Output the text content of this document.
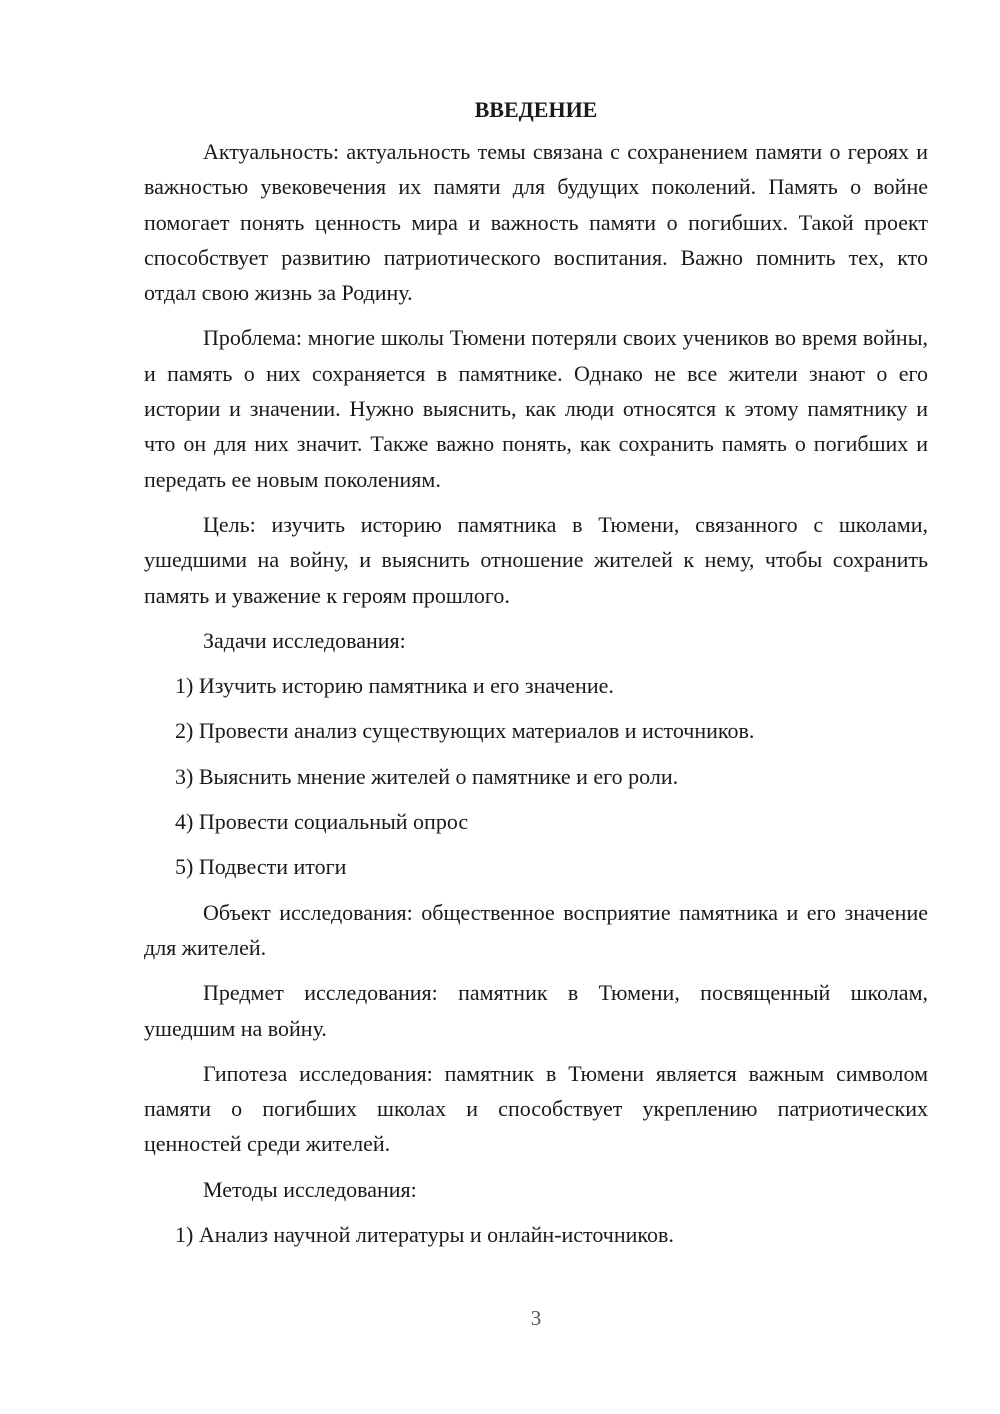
ВВЕДЕНИЕ

Актуальность: актуальность темы связана с сохранением памяти о героях и важностью увековечения их памяти для будущих поколений. Память о войне помогает понять ценность мира и важность памяти о погибших. Такой проект способствует развитию патриотического воспитания. Важно помнить тех, кто отдал свою жизнь за Родину.

Проблема: многие школы Тюмени потеряли своих учеников во время войны, и память о них сохраняется в памятнике. Однако не все жители знают о его истории и значении. Нужно выяснить, как люди относятся к этому памятнику и что он для них значит. Также важно понять, как сохранить память о погибших и передать ее новым поколениям.

Цель: изучить историю памятника в Тюмени, связанного с школами, ушедшими на войну, и выяснить отношение жителей к нему, чтобы сохранить память и уважение к героям прошлого.

Задачи исследования:
1) Изучить историю памятника и его значение.
2) Провести анализ существующих материалов и источников.
3) Выяснить мнение жителей о памятнике и его роли.
4) Провести социальный опрос
5) Подвести итоги

Объект исследования: общественное восприятие памятника и его значение для жителей.

Предмет исследования: памятник в Тюмени, посвященный школам, ушедшим на войну.

Гипотеза исследования: памятник в Тюмени является важным символом памяти о погибших школах и способствует укреплению патриотических ценностей среди жителей.

Методы исследования:
1) Анализ научной литературы и онлайн-источников.
3
